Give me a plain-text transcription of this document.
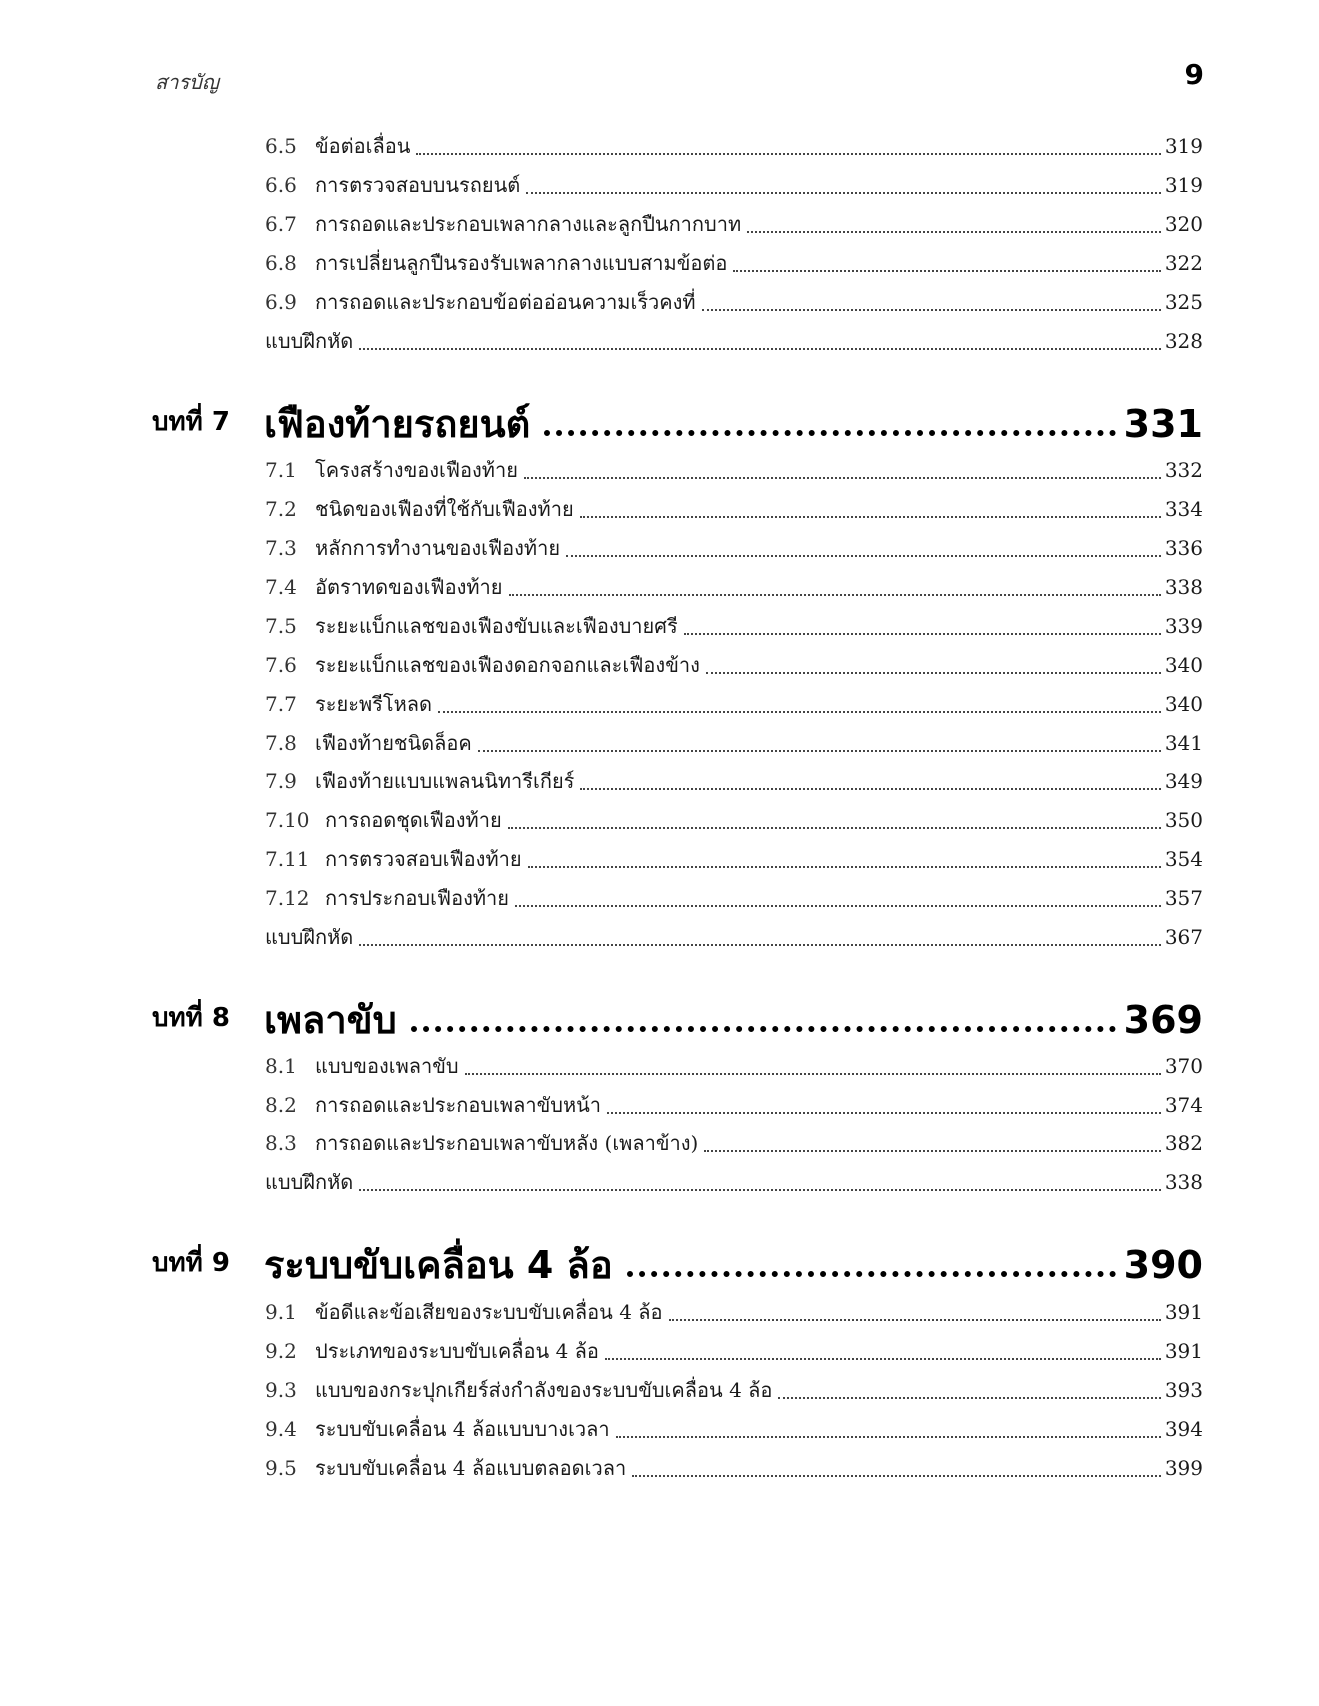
สารบัญ	9
6.5 ข้อต่อเลื่อน	319
6.6 การตรวจสอบบนรถยนต์	319
6.7 การถอดและประกอบเพลากลางและลูกปืนกากบาท	320
6.8 การเปลี่ยนลูกปืนรองรับเพลากลางแบบสามข้อต่อ	322
6.9 การถอดและประกอบข้อต่ออ่อนความเร็วคงที่	325
แบบฝึกหัด	328
บทที่ 7 เฟืองท้ายรถยนต์	331
7.1 โครงสร้างของเฟืองท้าย	332
7.2 ชนิดของเฟืองที่ใช้กับเฟืองท้าย	334
7.3 หลักการทำงานของเฟืองท้าย	336
7.4 อัตราทดของเฟืองท้าย	338
7.5 ระยะแบ็กแลชของเฟืองขับและเฟืองบายศรี	339
7.6 ระยะแบ็กแลชของเฟืองดอกจอกและเฟืองข้าง	340
7.7 ระยะพรีโหลด	340
7.8 เฟืองท้ายชนิดล็อค	341
7.9 เฟืองท้ายแบบแพลนนิทารีเกียร์	349
7.10 การถอดชุดเฟืองท้าย	350
7.11 การตรวจสอบเฟืองท้าย	354
7.12 การประกอบเฟืองท้าย	357
แบบฝึกหัด	367
บทที่ 8 เพลาขับ	369
8.1 แบบของเพลาขับ	370
8.2 การถอดและประกอบเพลาขับหน้า	374
8.3 การถอดและประกอบเพลาขับหลัง (เพลาข้าง)	382
แบบฝึกหัด	338
บทที่ 9 ระบบขับเคลื่อน 4 ล้อ	390
9.1 ข้อดีและข้อเสียของระบบขับเคลื่อน 4 ล้อ	391
9.2 ประเภทของระบบขับเคลื่อน 4 ล้อ	391
9.3 แบบของกระปุกเกียร์ส่งกำลังของระบบขับเคลื่อน 4 ล้อ	393
9.4 ระบบขับเคลื่อน 4 ล้อแบบบางเวลา	394
9.5 ระบบขับเคลื่อน 4 ล้อแบบตลอดเวลา	399
